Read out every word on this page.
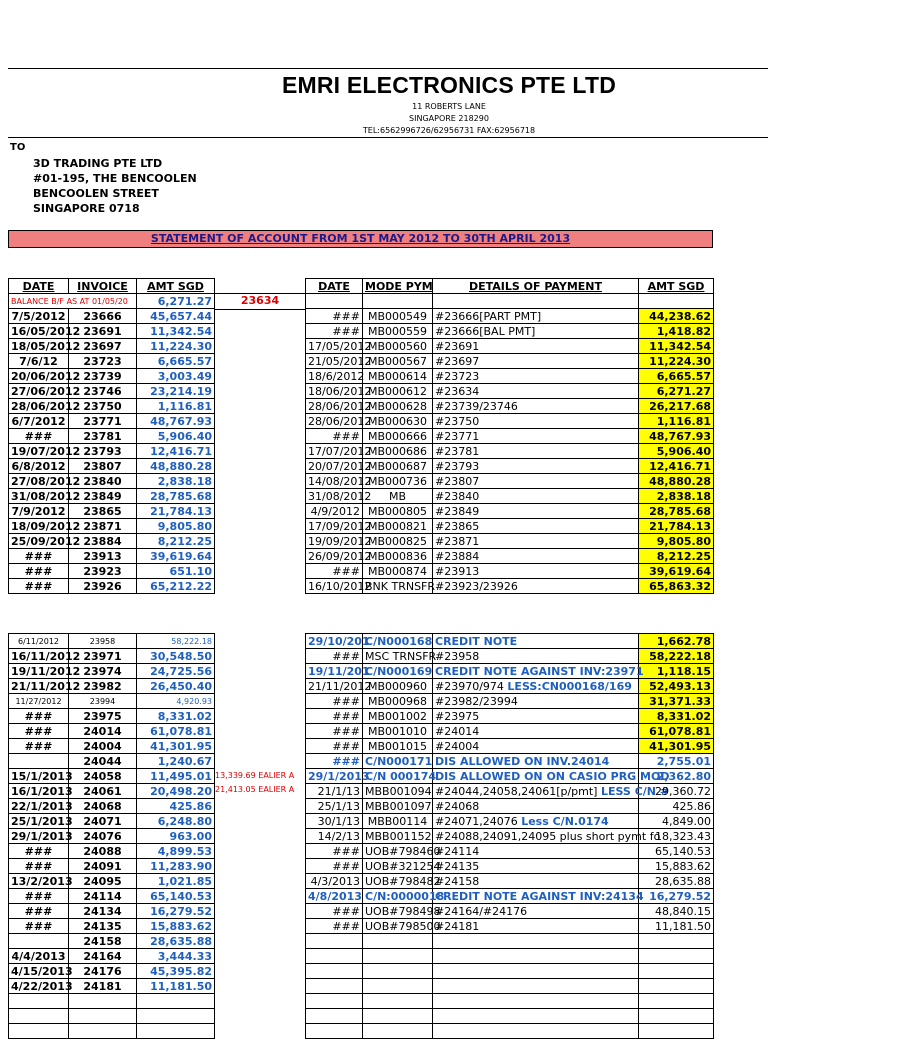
EMRI ELECTRONICS PTE LTD
11 ROBERTS LANE
SINGAPORE 218290
TEL:6562996726/62956731 FAX:62956718
TO
3D TRADING PTE LTD
#01-195, THE BENCOOLEN
BENCOOLEN STREET
SINGAPORE 0718
STATEMENT OF ACCOUNT FROM 1ST MAY 2012 TO 30TH APRIL 2013
DATE	INVOICE	AMT SGD
BALANCE B/F AS AT 01/05/20		6,271.27
7/5/2012	23666	45,657.44
16/05/2012	23691	11,342.54
18/05/2012	23697	11,224.30
7/6/12	23723	6,665.57
20/06/2012	23739	3,003.49
27/06/2012	23746	23,214.19
28/06/2012	23750	1,116.81
6/7/2012	23771	48,767.93
###	23781	5,906.40
19/07/2012	23793	12,416.71
6/8/2012	23807	48,880.28
27/08/2012	23840	2,838.18
31/08/2012	23849	28,785.68
7/9/2012	23865	21,784.13
18/09/2012	23871	9,805.80
25/09/2012	23884	8,212.25
###	23913	39,619.64
###	23923	651.10
###	23926	65,212.22
23634
DATE	MODE PYM	DETAILS OF PAYMENT	AMT SGD

###	MB000549	#23666[PART PMT]	44,238.62
###	MB000559	#23666[BAL PMT]	1,418.82
17/05/2012	MB000560	#23691	11,342.54
21/05/2012	MB000567	#23697	11,224.30
18/6/2012	MB000614	#23723	6,665.57
18/06/2012	MB000612	#23634	6,271.27
28/06/2012	MB000628	#23739/23746	26,217.68
28/06/2012	MB000630	#23750	1,116.81
###	MB000666	#23771	48,767.93
17/07/2012	MB000686	#23781	5,906.40
20/07/2012	MB000687	#23793	12,416.71
14/08/2012	MB000736	#23807	48,880.28
31/08/2012	MB	#23840	2,838.18
4/9/2012	MB000805	#23849	28,785.68
17/09/2012	MB000821	#23865	21,784.13
19/09/2012	MB000825	#23871	9,805.80
26/09/2012	MB000836	#23884	8,212.25
###	MB000874	#23913	39,619.64
16/10/2012	BNK TRNSFR	#23923/23926	65,863.32
6/11/2012	23958	58,222.18
16/11/2012	23971	30,548.50
19/11/2012	23974	24,725.56
21/11/2012	23982	26,450.40
11/27/2012	23994	4,920.93
###	23975	8,331.02
###	24014	61,078.81
###	24004	41,301.95
	24044	1,240.67
15/1/2013	24058	11,495.01
16/1/2013	24061	20,498.20
22/1/2013	24068	425.86
25/1/2013	24071	6,248.80
29/1/2013	24076	963.00
###	24088	4,899.53
###	24091	11,283.90
13/2/2013	24095	1,021.85
###	24114	65,140.53
###	24134	16,279.52
###	24135	15,883.62
	24158	28,635.88
4/4/2013	24164	3,444.33
4/15/2013	24176	45,395.82
4/22/2013	24181	11,181.50

13,339.69 EALIER A
21,413.05 EALIER A
29/10/201	C/N000168	CREDIT NOTE	1,662.78
###	MSC TRNSFR	#23958	58,222.18
19/11/201	C/N000169	CREDIT NOTE AGAINST INV:23971	1,118.15
21/11/2012	MB000960	#23970/974 LESS:CN000168/169	52,493.13
###	MB000968	#23982/23994	31,371.33
###	MB001002	#23975	8,331.02
###	MB001010	#24014	61,078.81
###	MB001015	#24004	41,301.95
###	C/N000171	DIS ALLOWED ON INV.24014	2,755.01
29/1/2013	C/N 000174	DIS ALLOWED ON ON CASIO PRG MOD	2,362.80
21/1/13	MBB001094	#24044,24058,24061[p/pmt] LESS C/N #	29,360.72
25/1/13	MBB001097	#24068	425.86
30/1/13	MBB00114	#24071,24076 Less C/N.0174	4,849.00
14/2/13	MBB001152	#24088,24091,24095 plus short pymt fo	18,323.43
###	UOB#798460	#24114	65,140.53
###	UOB#321254	#24135	15,883.62
4/3/2013	UOB#798482	#24158	28,635.88
4/8/2013	C/N:0000018	CREDIT NOTE AGAINST INV:24134	16,279.52
###	UOB#798498	#24164/#24176	48,840.15
###	UOB#798500	#24181	11,181.50
